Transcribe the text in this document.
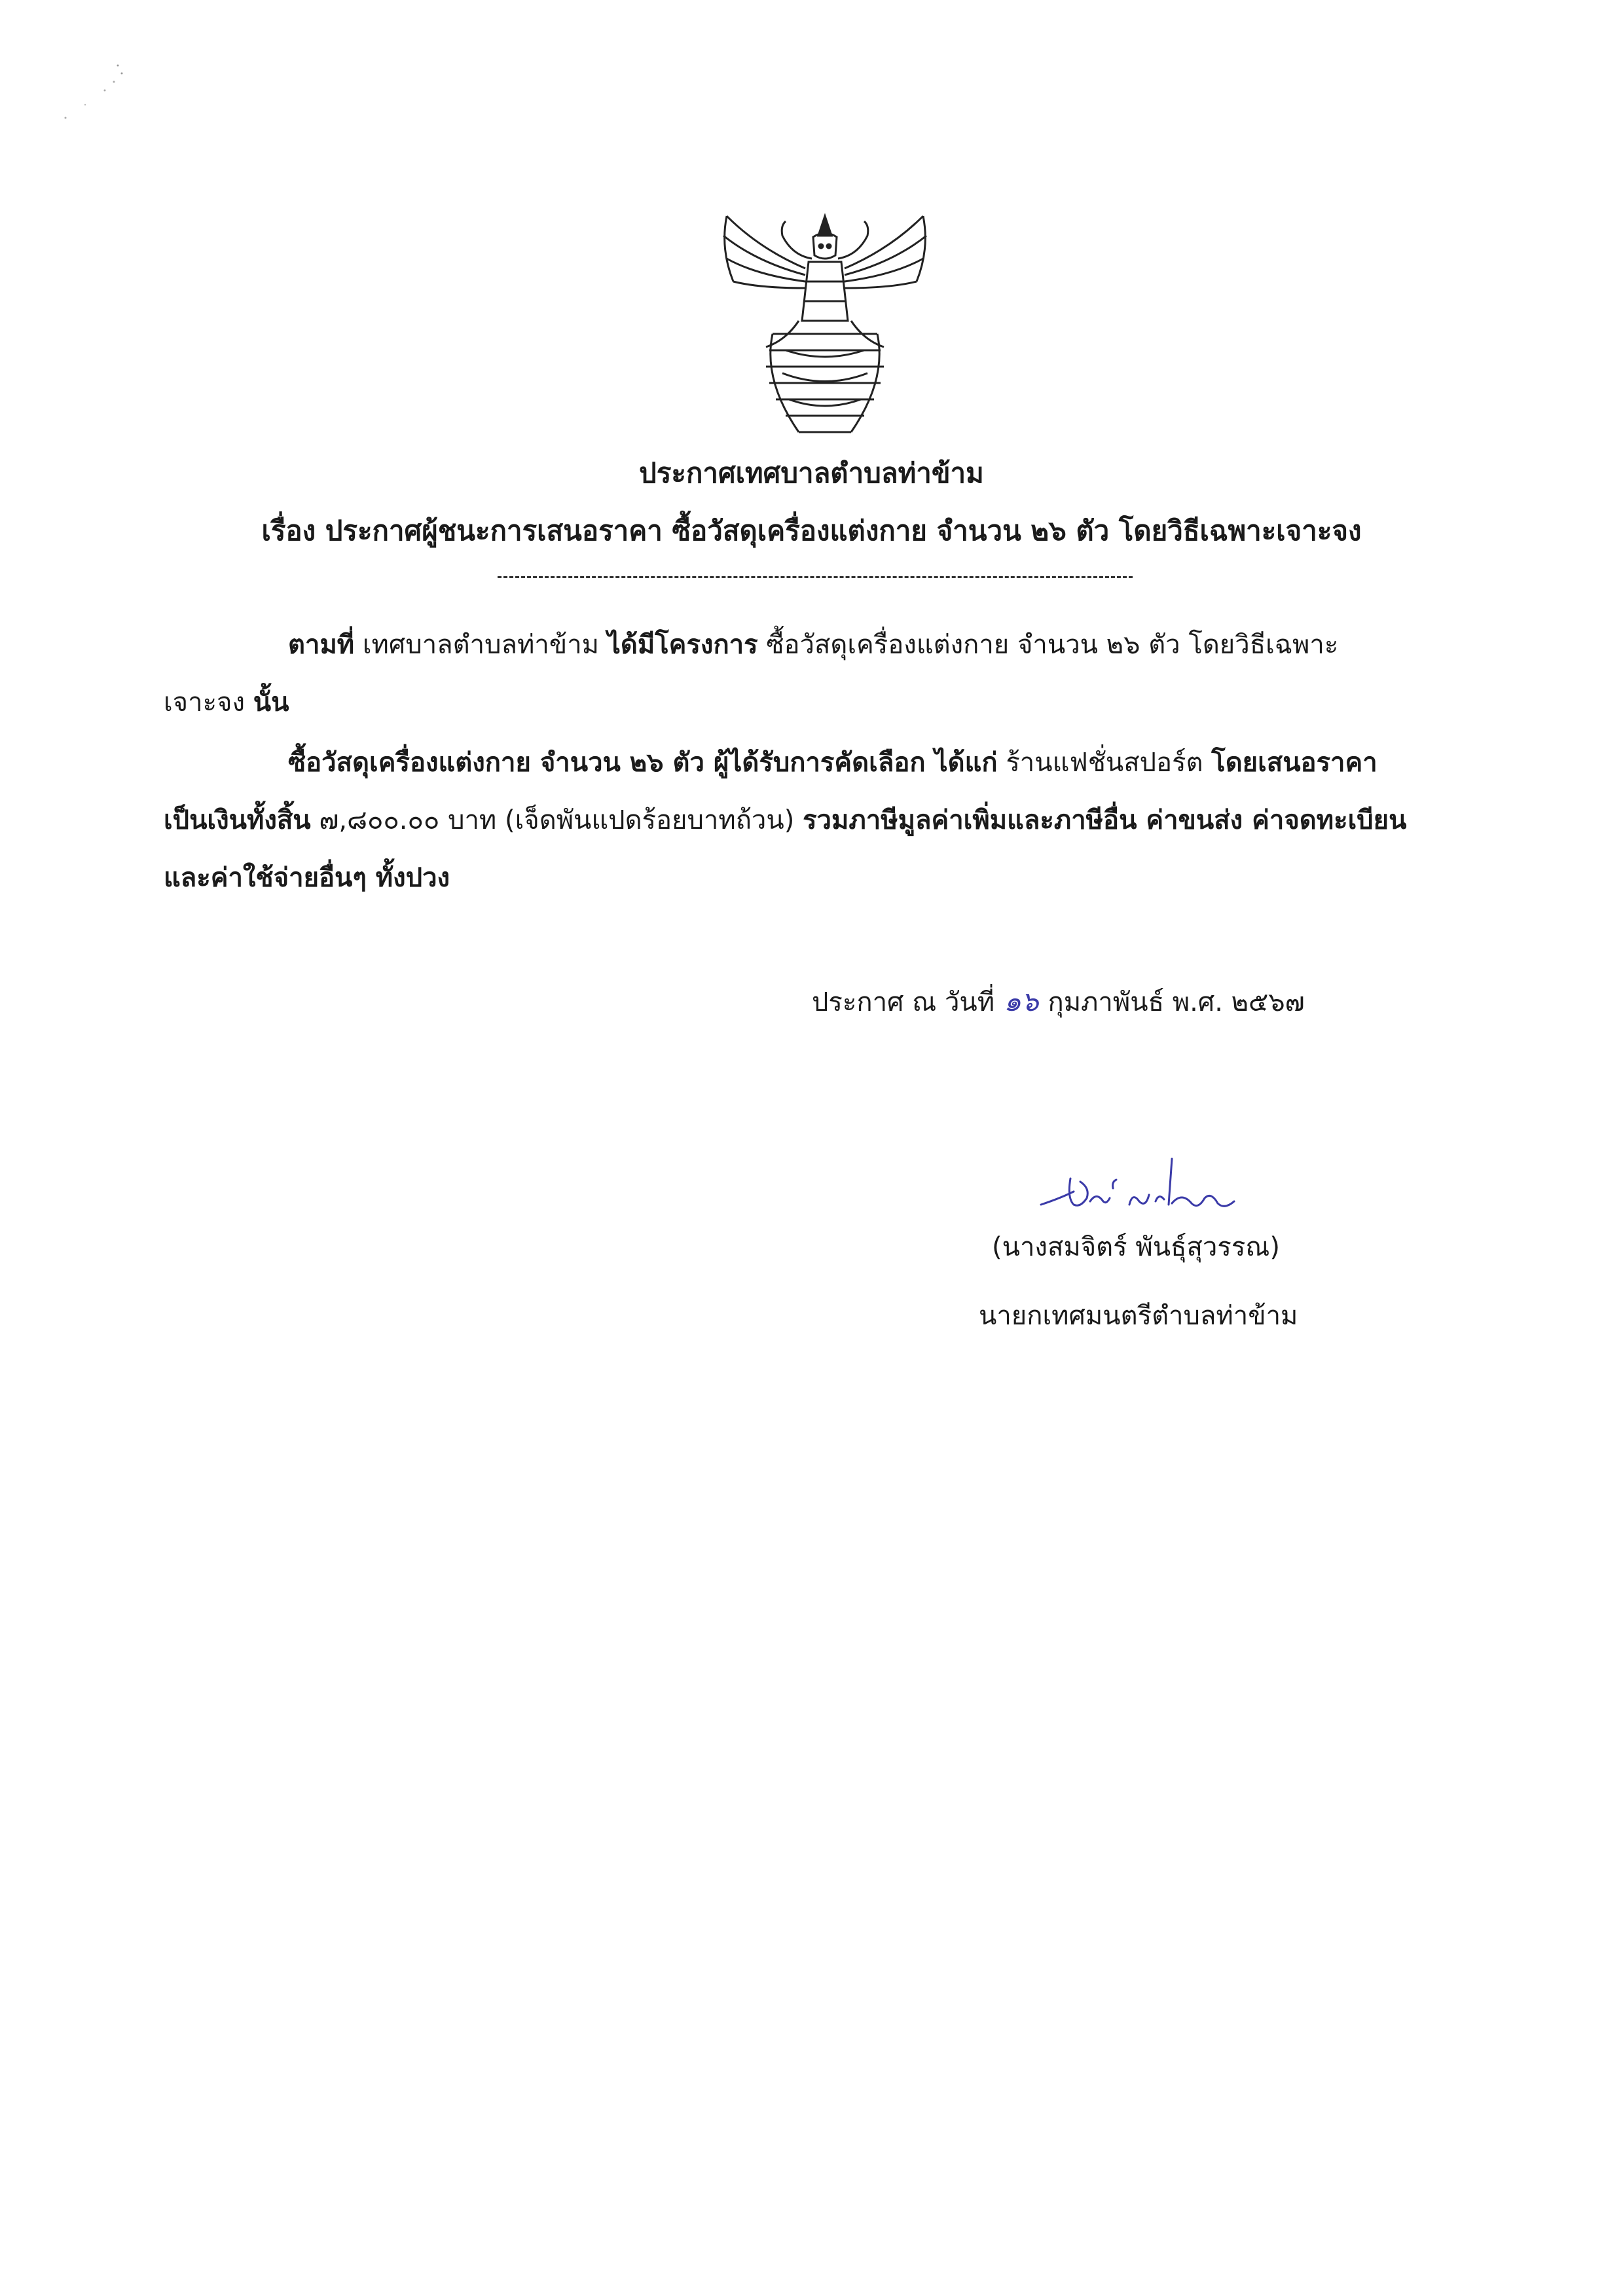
ประกาศเทศบาลตำบลท่าข้าม
เรื่อง ประกาศผู้ชนะการเสนอราคา ซื้อวัสดุเครื่องแต่งกาย จำนวน ๒๖ ตัว โดยวิธีเฉพาะเจาะจง
ตามที่ เทศบาลตำบลท่าข้าม ได้มีโครงการ ซื้อวัสดุเครื่องแต่งกาย จำนวน ๒๖ ตัว โดยวิธีเฉพาะ
เจาะจง นั้น
ซื้อวัสดุเครื่องแต่งกาย จำนวน ๒๖ ตัว ผู้ได้รับการคัดเลือก ได้แก่ ร้านแฟชั่นสปอร์ต โดยเสนอราคา
เป็นเงินทั้งสิ้น ๗,๘๐๐.๐๐ บาท (เจ็ดพันแปดร้อยบาทถ้วน) รวมภาษีมูลค่าเพิ่มและภาษีอื่น ค่าขนส่ง ค่าจดทะเบียน
และค่าใช้จ่ายอื่นๆ ทั้งปวง
ประกาศ ณ วันที่ ๑๖ กุมภาพันธ์ พ.ศ. ๒๕๖๗
(นางสมจิตร์ พันธุ์สุวรรณ)
นายกเทศมนตรีตำบลท่าข้าม
